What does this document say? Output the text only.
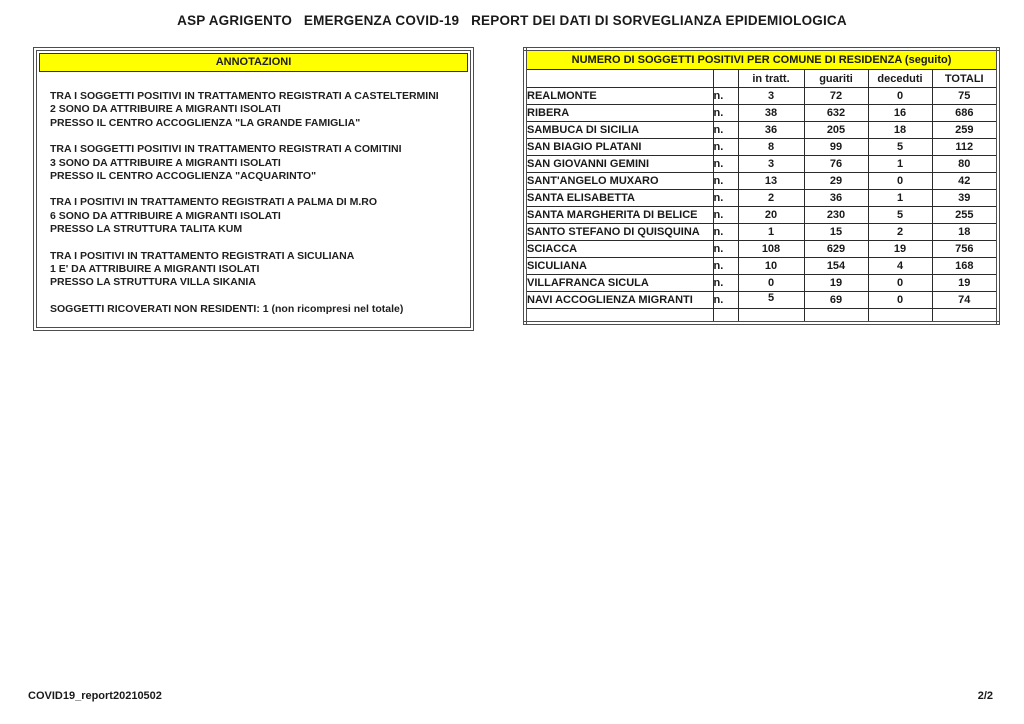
ASP AGRIGENTO   EMERGENZA COVID-19   REPORT DEI DATI DI SORVEGLIANZA EPIDEMIOLOGICA
ANNOTAZIONI
TRA I SOGGETTI POSITIVI IN TRATTAMENTO REGISTRATI A CASTELTERMINI
2 SONO DA ATTRIBUIRE A MIGRANTI ISOLATI
PRESSO IL CENTRO ACCOGLIENZA "LA GRANDE FAMIGLIA"
TRA I SOGGETTI POSITIVI IN TRATTAMENTO REGISTRATI A COMITINI
3 SONO DA ATTRIBUIRE A MIGRANTI ISOLATI
PRESSO IL CENTRO ACCOGLIENZA "ACQUARINTO"
TRA I POSITIVI IN TRATTAMENTO REGISTRATI A PALMA DI M.RO
6 SONO DA ATTRIBUIRE A MIGRANTI ISOLATI
PRESSO LA STRUTTURA TALITA KUM
TRA I POSITIVI IN TRATTAMENTO REGISTRATI A SICULIANA
1 E' DA ATTRIBUIRE A MIGRANTI ISOLATI
PRESSO LA STRUTTURA VILLA SIKANIA
SOGGETTI RICOVERATI NON RESIDENTI: 1 (non ricompresi nel totale)
NUMERO DI SOGGETTI POSITIVI PER COMUNE DI RESIDENZA (seguito)					
		in tratt.	guariti	deceduti	TOTALI
REALMONTE	n.	3	72	0	75
RIBERA	n.	38	632	16	686
SAMBUCA DI SICILIA	n.	36	205	18	259
SAN BIAGIO PLATANI	n.	8	99	5	112
SAN GIOVANNI GEMINI	n.	3	76	1	80
SANT'ANGELO MUXARO	n.	13	29	0	42
SANTA ELISABETTA	n.	2	36	1	39
SANTA MARGHERITA DI BELICE	n.	20	230	5	255
SANTO STEFANO DI QUISQUINA	n.	1	15	2	18
SCIACCA	n.	108	629	19	756
SICULIANA	n.	10	154	4	168
VILLAFRANCA SICULA	n.	0	19	0	19
NAVI ACCOGLIENZA MIGRANTI	n.	5	69	0	74

COVID19_report20210502	2/2
